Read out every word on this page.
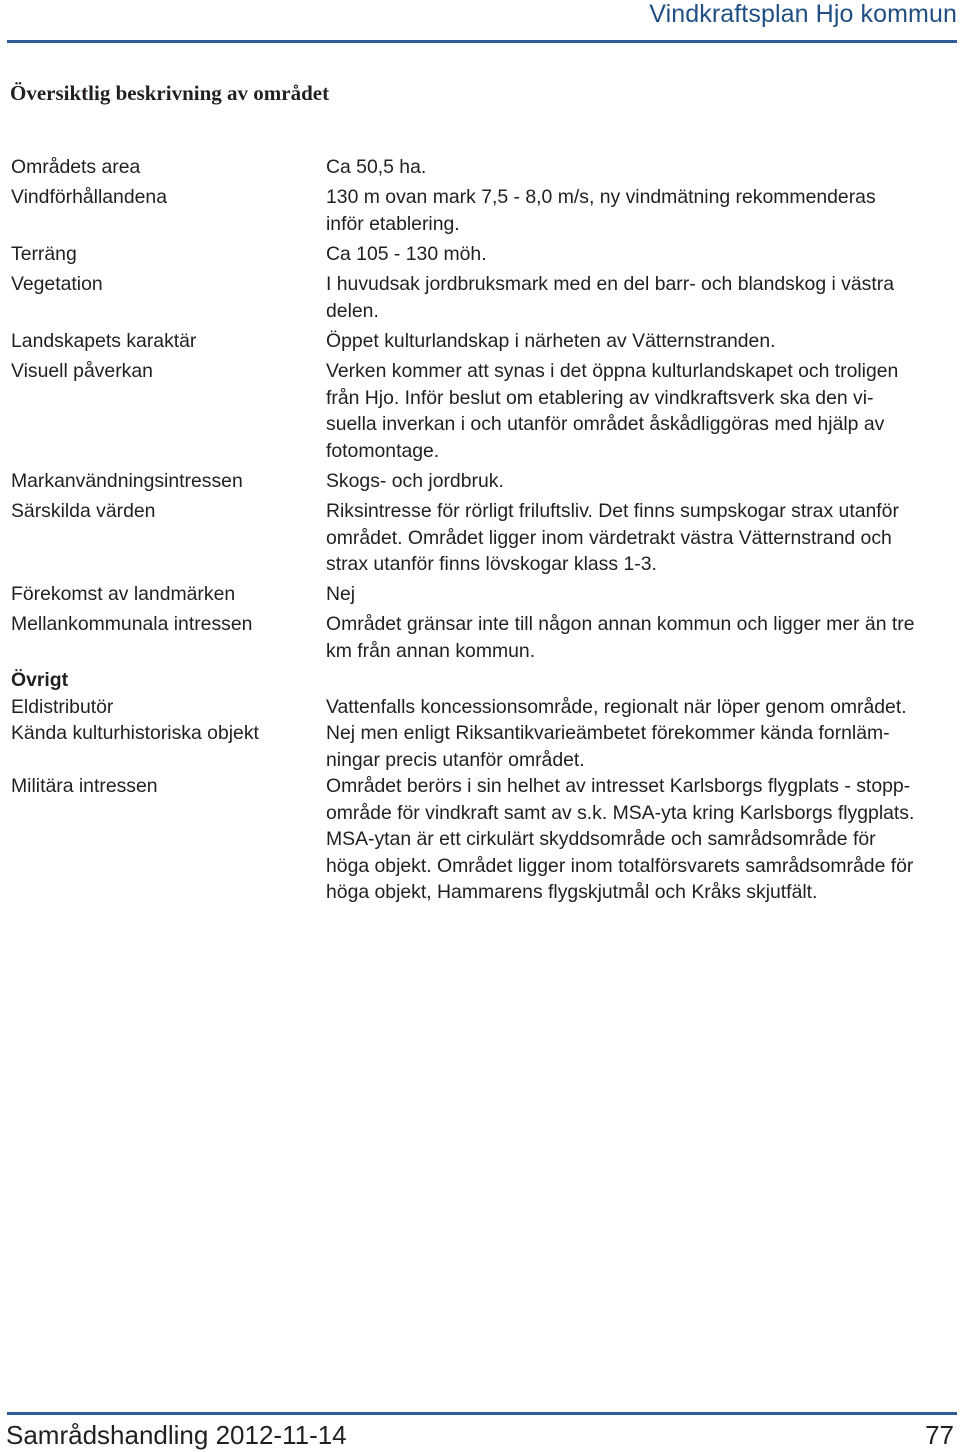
Vindkraftsplan Hjo kommun
Översiktlig beskrivning av området
Områdets area	Ca 50,5 ha.
Vindförhållandena	130 m ovan mark 7,5 - 8,0 m/s, ny vindmätning rekommenderas
inför etablering.
Terräng	Ca 105 - 130 möh.
Vegetation	I huvudsak jordbruksmark med en del barr- och blandskog i västra
delen.
Landskapets karaktär	Öppet kulturlandskap i närheten av Vätternstranden.
Visuell påverkan	Verken kommer att synas i det öppna kulturlandskapet och troligen
från Hjo. Inför beslut om etablering av vindkraftsverk ska den vi-
suella inverkan i och utanför området åskådliggöras med hjälp av
fotomontage.
Markanvändningsintressen	Skogs- och jordbruk.
Särskilda värden	Riksintresse för rörligt friluftsliv. Det finns sumpskogar strax utanför
området. Området ligger inom värdetrakt västra Vätternstrand och
strax utanför finns lövskogar klass 1-3.
Förekomst av landmärken	Nej
Mellankommunala intressen	Området gränsar inte till någon annan kommun och ligger mer än tre
km från annan kommun.
Övrigt
Eldistributör	Vattenfalls koncessionsområde, regionalt när löper genom området.
Kända kulturhistoriska objekt	Nej men enligt Riksantikvarieämbetet förekommer kända fornläm-
ningar precis utanför området.
Militära intressen	Området berörs i sin helhet av intresset Karlsborgs flygplats - stopp-
område för vindkraft samt av s.k. MSA-yta kring Karlsborgs flygplats.
MSA-ytan är ett cirkulärt skyddsområde och samrådsområde för
höga objekt. Området ligger inom totalförsvarets samrådsområde för
höga objekt, Hammarens flygskjutmål och Kråks skjutfält.
Samrådshandling 2012-11-14	77
